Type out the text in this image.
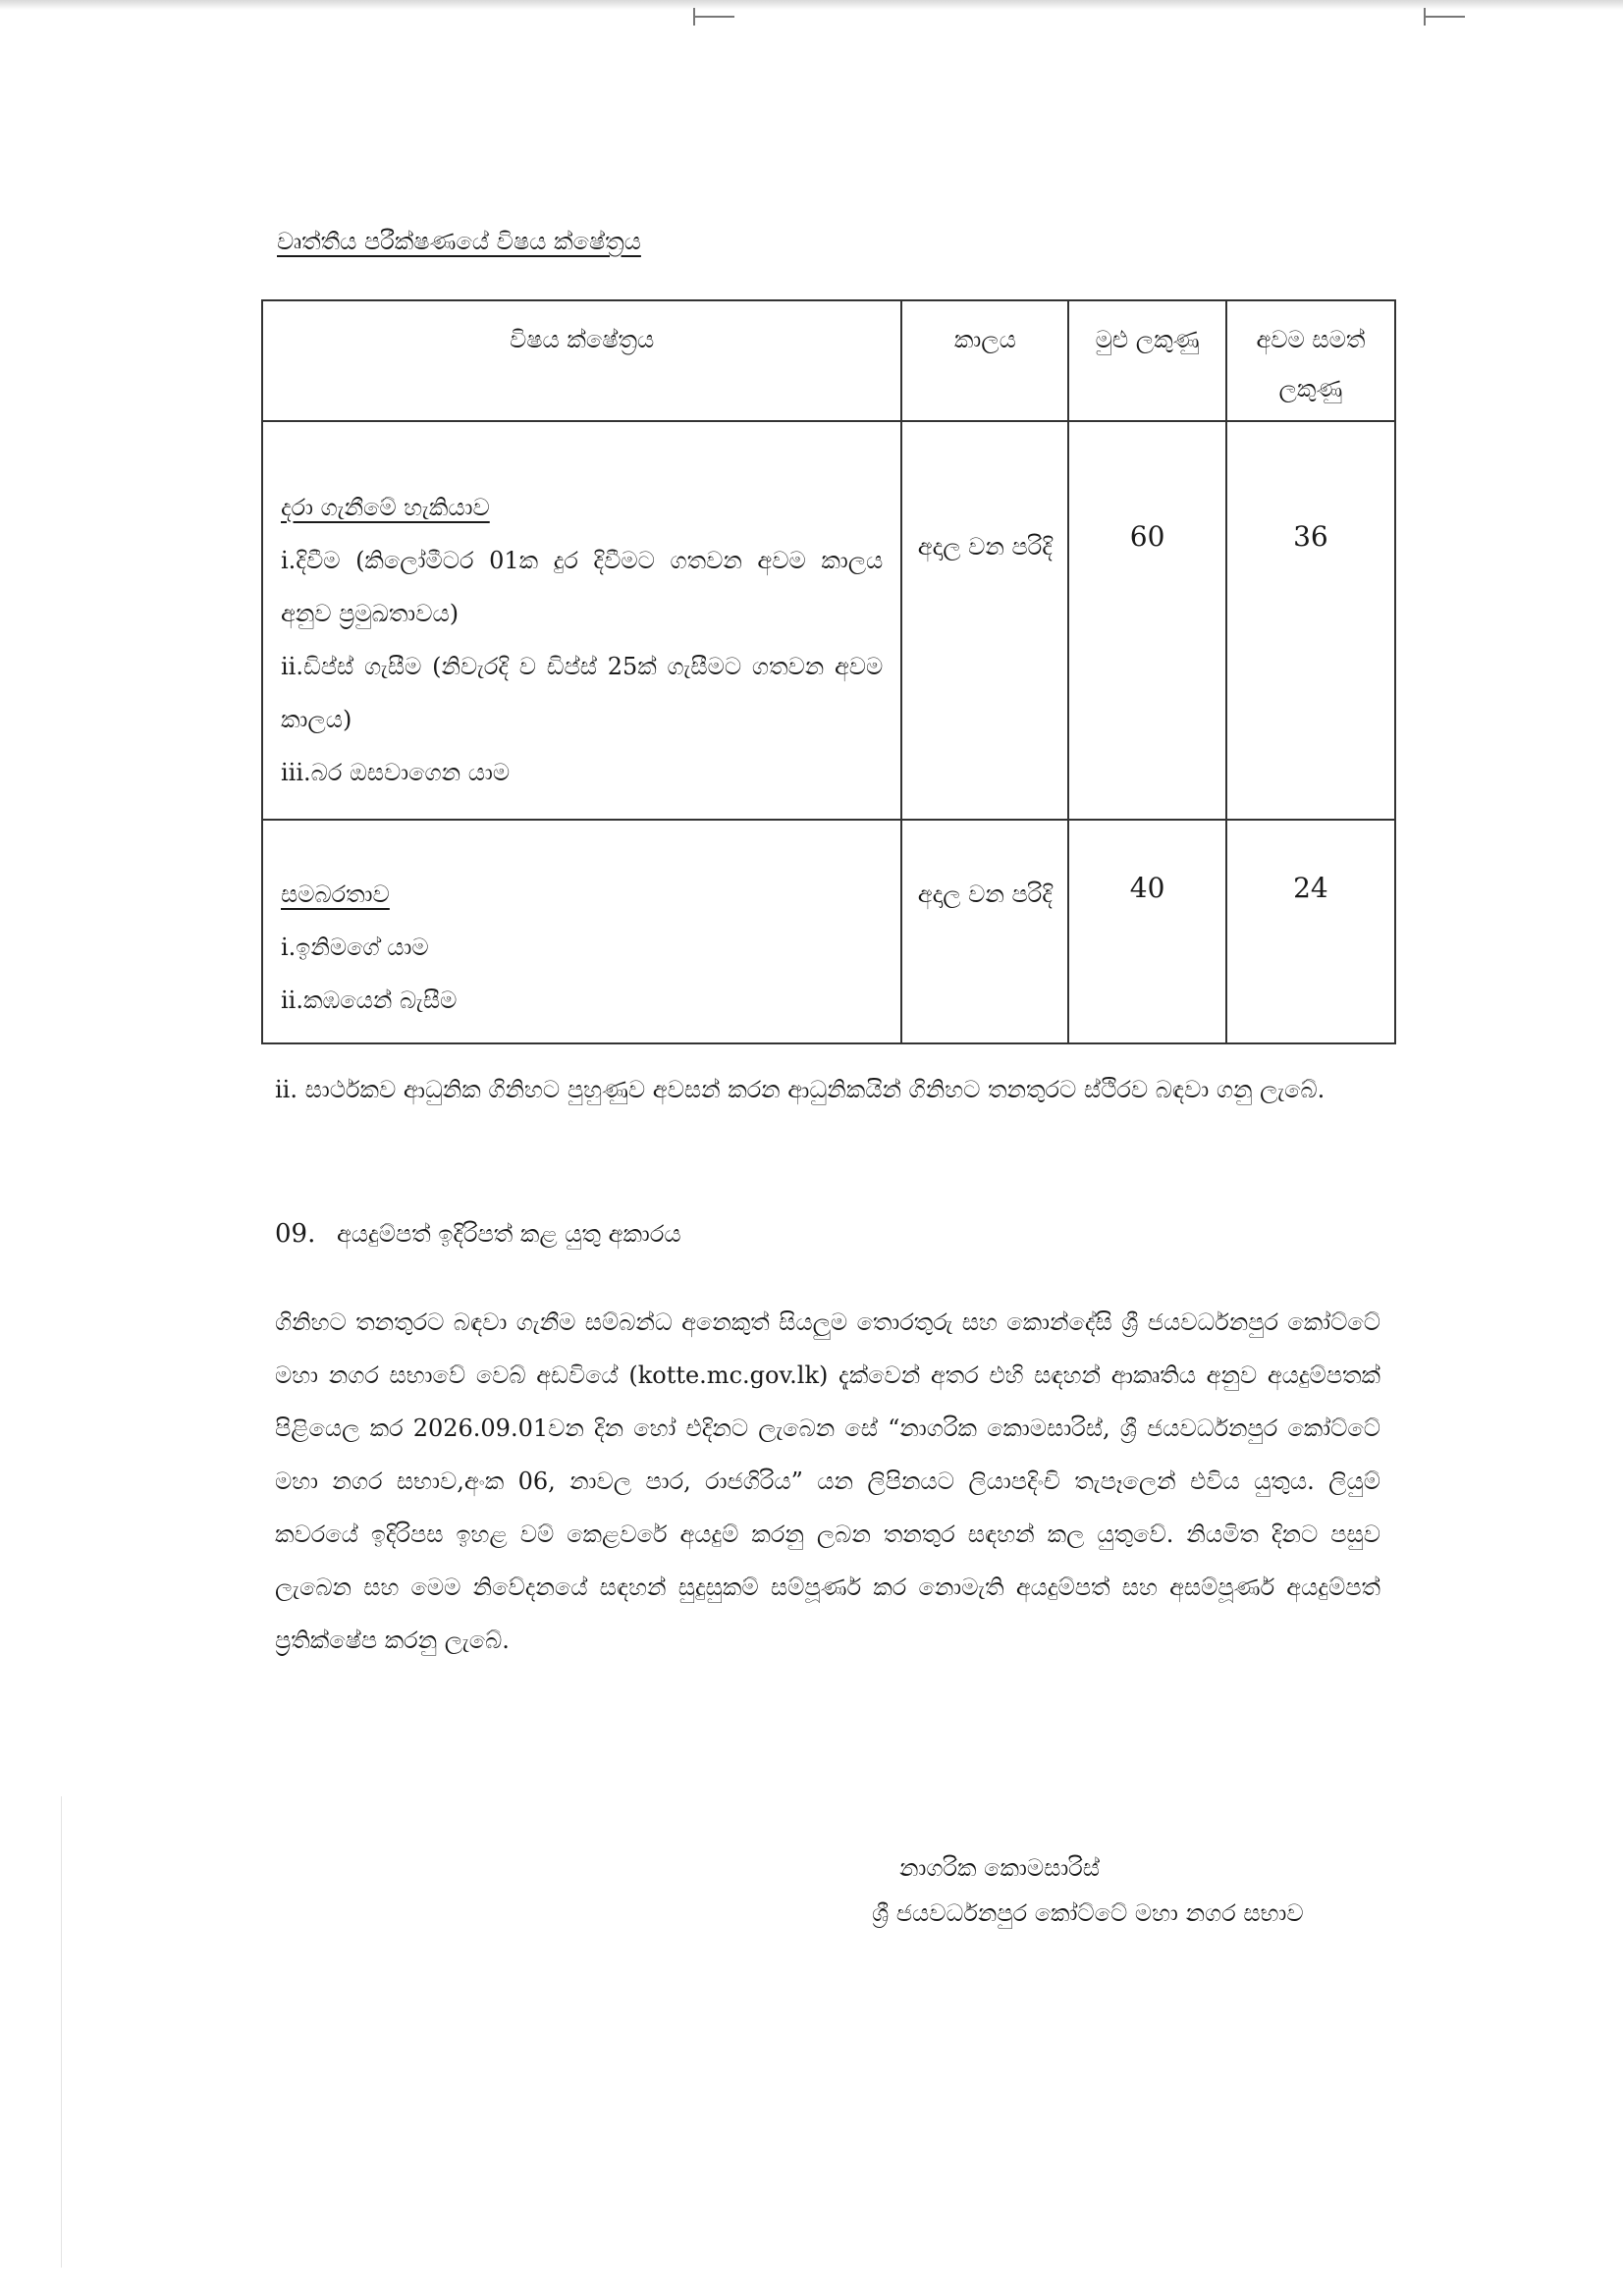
වෘත්තීය පරීක්ෂණයේ විෂය ක්ෂේත්‍රය
විෂය ක්ෂේත්‍රය	කාලය	මුළු ලකුණු	අවම සමත් ලකුණු

දරා ගැනීමේ හැකියාව
i.දිවීම (කිලෝමීටර 01ක දුර දිවීමට ගතවන අවම කාලය අනුව ප්‍රමුඛතාවය)
ii.ඩිප්ස් ගැසීම (නිවැරදි ව ඩිප්ස් 25ක් ගැසීමට ගතවන අවම කාලය)
iii.බර ඔසවාගෙන යාම	අදාල වන පරිදි	60	36

සමබරතාව
i.ඉනිමගේ යාම
ii.කඹයෙන් බැසීම	අදාල වන පරිදි	40	24

ii. සාර්ථකව ආධුනික ගිනිහට පුහුණුව අවසන් කරන ආධුනිකයින් ගිනිහට තනතුරට ස්ථිරව බඳවා ගනු ලැබේ.

09. අයදුම්පත් ඉදිරිපත් කළ යුතු අකාරය

ගිනිහට තනතුරට බඳවා ගැනීම සම්බන්ධ අනෙකුත් සියලුම තොරතුරු සහ කොන්දේසි ශ්‍රී ජයවර්ධනපුර කෝට්ටේ මහා නගර සභාවේ වෙබ් අඩවියේ (kotte.mc.gov.lk) දැක්වෙන් අතර එහි සඳහන් ආකෘතිය අනුව අයදුම්පතක් පිළියෙල කර 2026.09.01වන දින හෝ එදිනට ලැබෙන සේ “නාගරික කොමසාරිස්, ශ්‍රී ජයවර්ධනපුර කෝට්ටේ මහා නගර සභාව,අංක 06, නාවල පාර, රාජගිරිය” යන ලිපිනයට ලියාපදිංචි තැපෑලෙන් එවිය යුතුය. ලියුම් කවරයේ ඉදිරිපස ඉහළ වම් කෙළවරේ අයදුම් කරනු ලබන තනතුර සඳහන් කල යුතුවේ. නියමිත දිනට පසුව ලැබෙන සහ මෙම නිවේදනයේ සඳහන් සුදුසුකම් සම්පූර්ණ කර නොමැති අයදුම්පත් සහ අසම්පූර්ණ අයදුම්පත් ප්‍රතික්ෂේප කරනු ලැබේ.

නාගරික කොමසාරිස්
ශ්‍රී ජයවර්ධනපුර කෝට්ටේ මහා නගර සභාව
